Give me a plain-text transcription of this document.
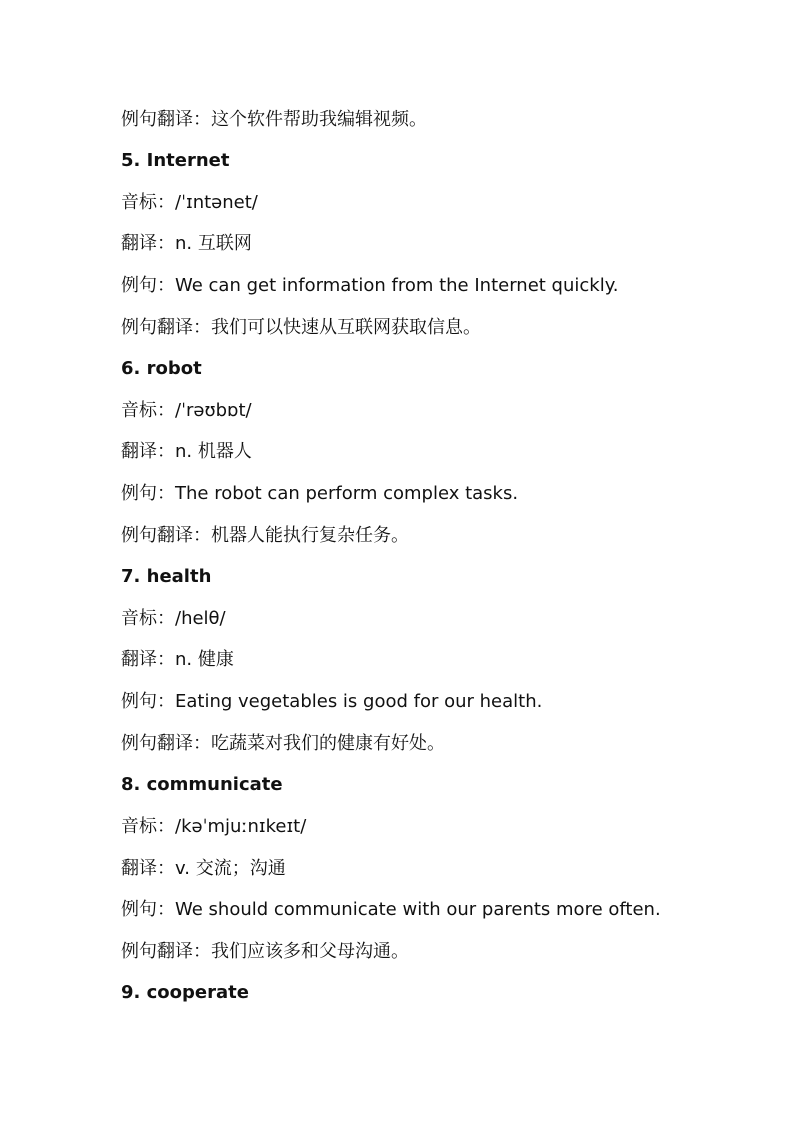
例句翻译：这个软件帮助我编辑视频。
5. Internet
音标：/ˈɪntənet/
翻译：n. 互联网
例句：We can get information from the Internet quickly.
例句翻译：我们可以快速从互联网获取信息。
6. robot
音标：/ˈrəʊbɒt/
翻译：n. 机器人
例句：The robot can perform complex tasks.
例句翻译：机器人能执行复杂任务。
7. health
音标：/helθ/
翻译：n. 健康
例句：Eating vegetables is good for our health.
例句翻译：吃蔬菜对我们的健康有好处。
8. communicate
音标：/kəˈmjuːnɪkeɪt/
翻译：v. 交流；沟通
例句：We should communicate with our parents more often.
例句翻译：我们应该多和父母沟通。
9. cooperate
